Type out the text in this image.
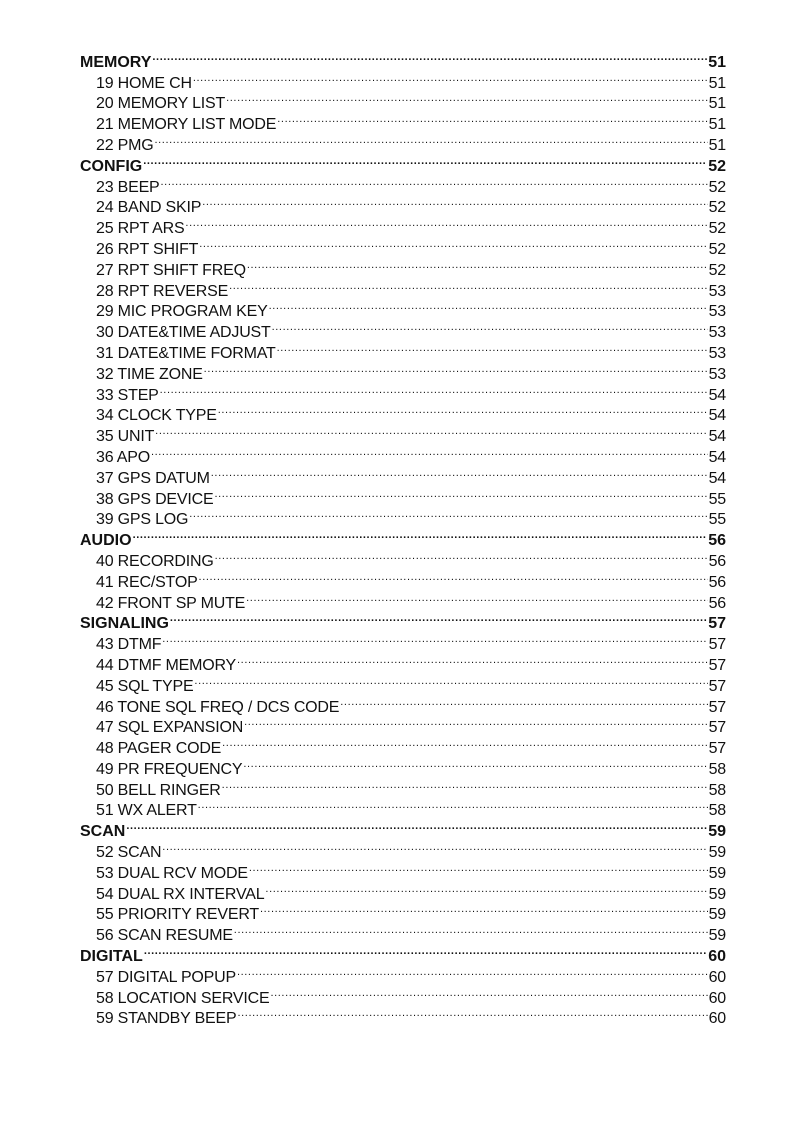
MEMORY .....	51
19 HOME CH .....	51
20 MEMORY LIST .....	51
21 MEMORY LIST MODE .....	51
22 PMG .....	51
CONFIG .....	52
23 BEEP .....	52
24 BAND SKIP .....	52
25 RPT ARS .....	52
26 RPT SHIFT .....	52
27 RPT SHIFT FREQ .....	52
28 RPT REVERSE .....	53
29 MIC PROGRAM KEY .....	53
30 DATE&TIME ADJUST .....	53
31 DATE&TIME FORMAT .....	53
32 TIME ZONE .....	53
33 STEP .....	54
34 CLOCK TYPE .....	54
35 UNIT .....	54
36 APO .....	54
37 GPS DATUM .....	54
38 GPS DEVICE .....	55
39 GPS LOG .....	55
AUDIO .....	56
40 RECORDING .....	56
41 REC/STOP .....	56
42 FRONT SP MUTE .....	56
SIGNALING .....	57
43 DTMF .....	57
44 DTMF MEMORY .....	57
45 SQL TYPE .....	57
46 TONE SQL FREQ / DCS CODE .....	57
47 SQL EXPANSION .....	57
48 PAGER CODE .....	57
49 PR FREQUENCY .....	58
50 BELL RINGER .....	58
51 WX ALERT .....	58
SCAN .....	59
52 SCAN .....	59
53 DUAL RCV MODE .....	59
54 DUAL RX INTERVAL .....	59
55 PRIORITY REVERT .....	59
56 SCAN RESUME .....	59
DIGITAL .....	60
57 DIGITAL POPUP .....	60
58 LOCATION SERVICE .....	60
59 STANDBY BEEP .....	60
